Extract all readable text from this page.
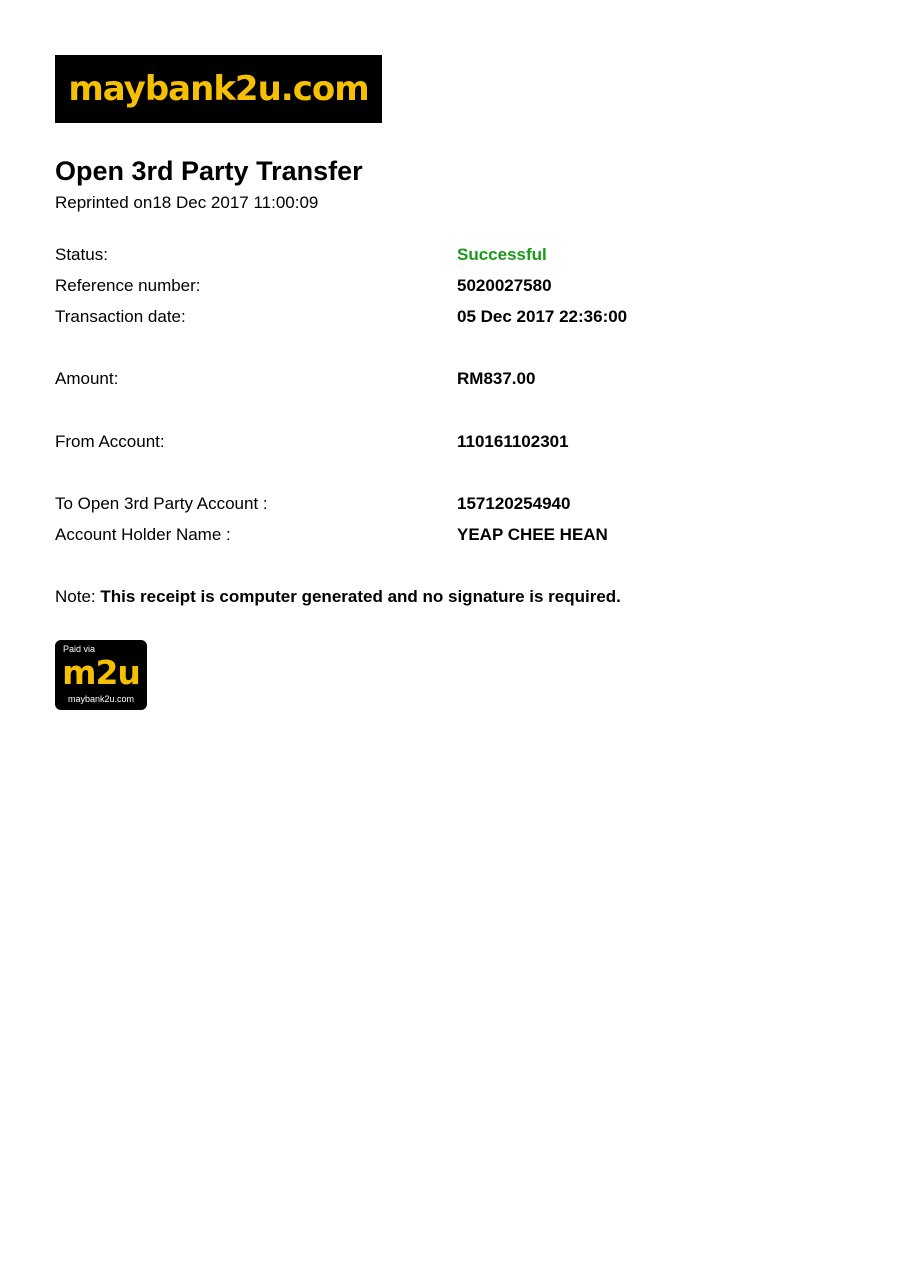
maybank2u.com
Open 3rd Party Transfer
Reprinted on18 Dec 2017 11:00:09
Status:	Successful
Reference number:	5020027580
Transaction date:	05 Dec 2017 22:36:00
Amount:	RM837.00
From Account:	110161102301
To Open 3rd Party Account :	157120254940
Account Holder Name :	YEAP CHEE HEAN
Note: This receipt is computer generated and no signature is required.
Paid via
m2u
maybank2u.com
